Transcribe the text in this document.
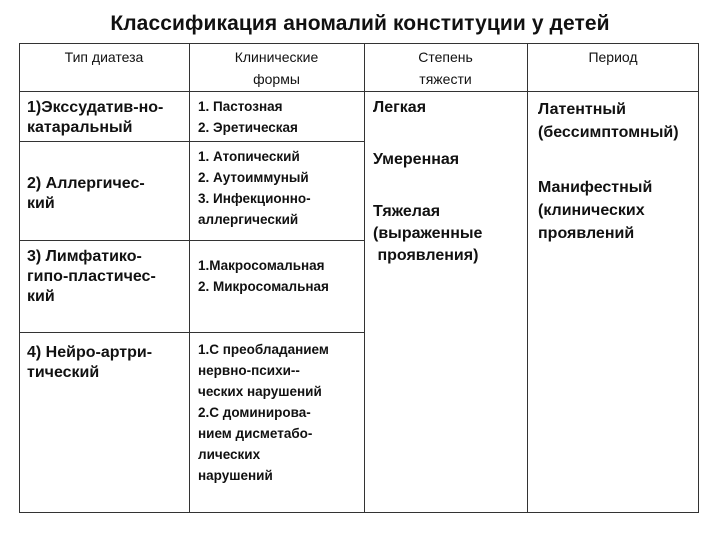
Классификация аномалий конституции у детей
Тип диатеза	Клинические
формы
Степень
тяжести
Период
1)Экссудатив-но-
катаральный
2) Аллергичес-
кий
3) Лимфатико-
гипо-пластичес-
кий
4) Нейро-артри-
тический
1. Пастозная
2. Эретическая
1. Атопический
2. Аутоиммуный
3. Инфекционно-
аллергический
1.Макросомальная
2. Микросомальная
1.С преобладанием
нервно-психи--
ческих нарушений
2.С доминирова-
нием дисметабо-
лических
нарушений
Легкая
Умеренная
Тяжелая
(выраженные
проявления)
Латентный
(бессимптомный)
Манифестный
(клинических
проявлений
